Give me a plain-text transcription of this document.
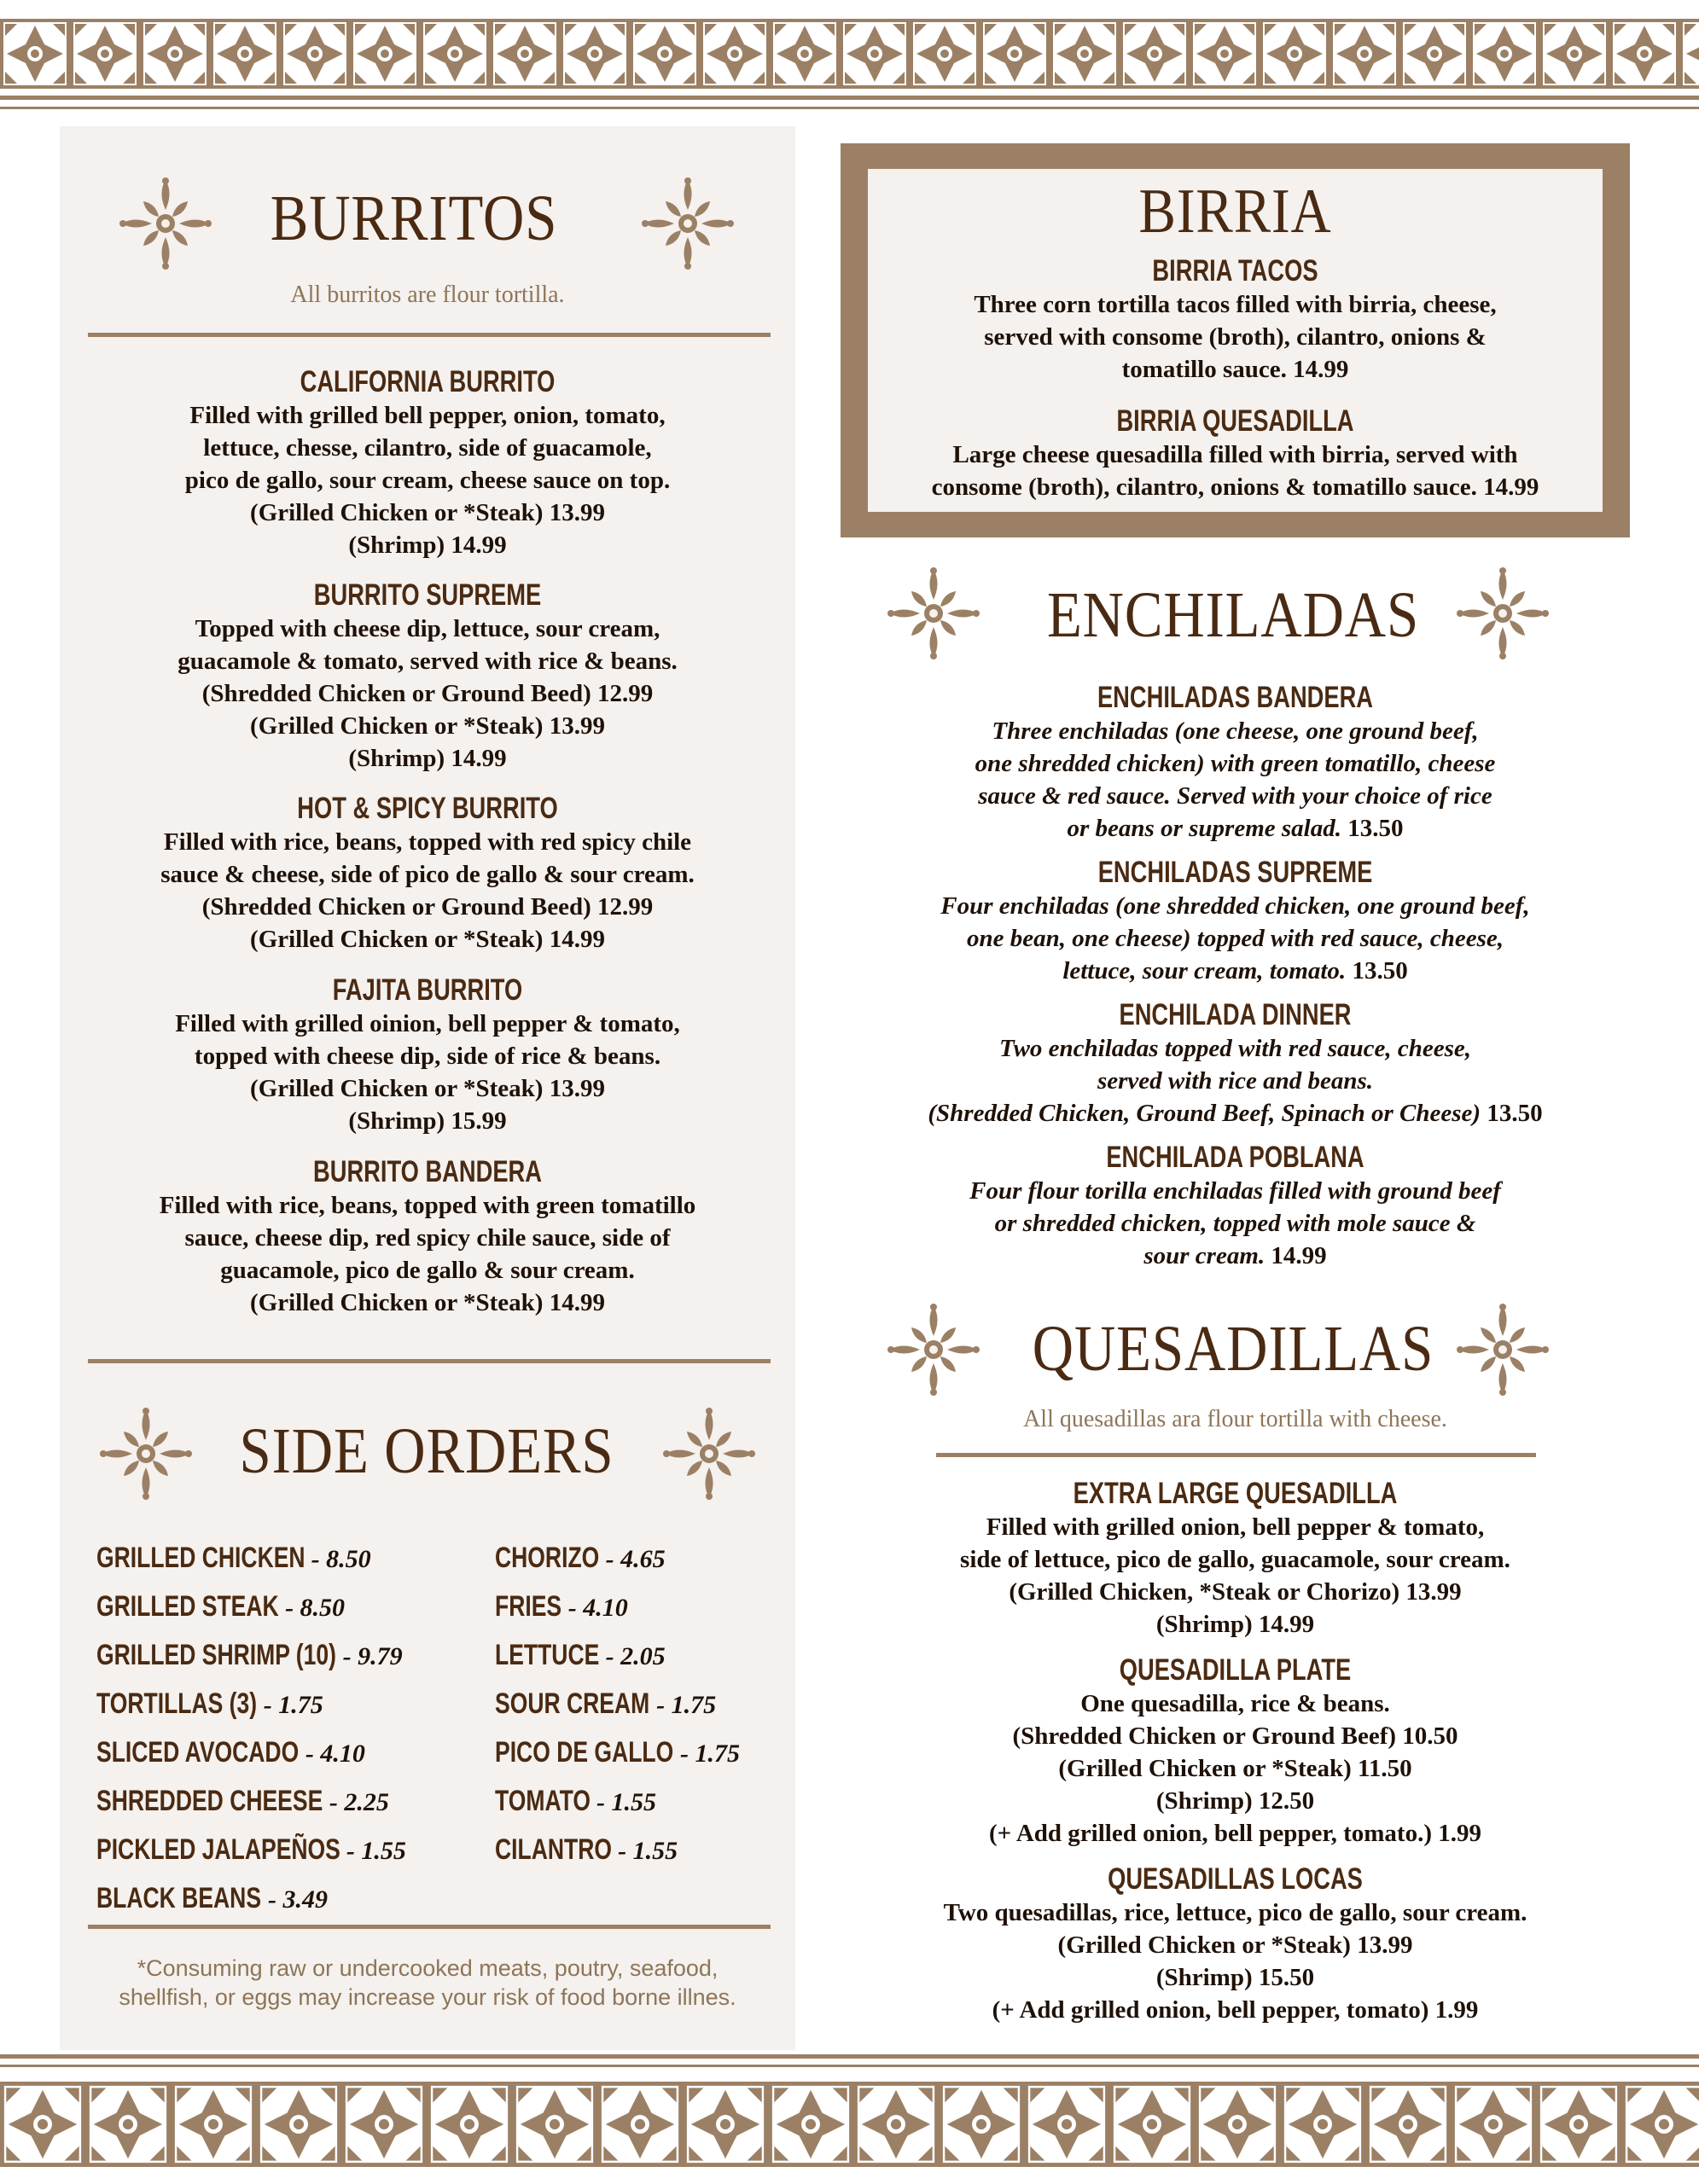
BURRITOS
All burritos are flour tortilla.
CALIFORNIA BURRITO
Filled with grilled bell pepper, onion, tomato,
lettuce, chesse, cilantro, side of guacamole,
pico de gallo, sour cream, cheese sauce on top.
(Grilled Chicken or *Steak) 13.99
(Shrimp) 14.99
BURRITO SUPREME
Topped with cheese dip, lettuce, sour cream,
guacamole & tomato, served with rice & beans.
(Shredded Chicken or Ground Beed) 12.99
(Grilled Chicken or *Steak) 13.99
(Shrimp) 14.99
HOT & SPICY BURRITO
Filled with rice, beans, topped with red spicy chile
sauce & cheese, side of pico de gallo & sour cream.
(Shredded Chicken or Ground Beed) 12.99
(Grilled Chicken or *Steak) 14.99
FAJITA BURRITO
Filled with grilled oinion, bell pepper & tomato,
topped with cheese dip, side of rice & beans.
(Grilled Chicken or *Steak) 13.99
(Shrimp) 15.99
BURRITO BANDERA
Filled with rice, beans, topped with green tomatillo
sauce, cheese dip, red spicy chile sauce, side of
guacamole, pico de gallo & sour cream.
(Grilled Chicken or *Steak) 14.99
SIDE ORDERS
GRILLED CHICKEN - 8.50
GRILLED STEAK - 8.50
GRILLED SHRIMP (10) - 9.79
TORTILLAS (3) - 1.75
SLICED AVOCADO - 4.10
SHREDDED CHEESE - 2.25
PICKLED JALAPEÑOS - 1.55
BLACK BEANS - 3.49
CHORIZO - 4.65
FRIES - 4.10
LETTUCE - 2.05
SOUR CREAM - 1.75
PICO DE GALLO - 1.75
TOMATO - 1.55
CILANTRO - 1.55
*Consuming raw or undercooked meats, poutry, seafood,
shellfish, or eggs may increase your risk of food borne illnes.
BIRRIA
BIRRIA TACOS
Three corn tortilla tacos filled with birria, cheese,
served with consome (broth), cilantro, onions &
tomatillo sauce. 14.99
BIRRIA QUESADILLA
Large cheese quesadilla filled with birria, served with
consome (broth), cilantro, onions & tomatillo sauce. 14.99
ENCHILADAS
ENCHILADAS BANDERA
Three enchiladas (one cheese, one ground beef,
one shredded chicken) with green tomatillo, cheese
sauce & red sauce. Served with your choice of rice
or beans or supreme salad. 13.50
ENCHILADAS SUPREME
Four enchiladas (one shredded chicken, one ground beef,
one bean, one cheese) topped with red sauce, cheese,
lettuce, sour cream, tomato. 13.50
ENCHILADA DINNER
Two enchiladas topped with red sauce, cheese,
served with rice and beans.
(Shredded Chicken, Ground Beef, Spinach or Cheese) 13.50
ENCHILADA POBLANA
Four flour torilla enchiladas filled with ground beef
or shredded chicken, topped with mole sauce &
sour cream. 14.99
QUESADILLAS
All quesadillas ara flour tortilla with cheese.
EXTRA LARGE QUESADILLA
Filled with grilled onion, bell pepper & tomato,
side of lettuce, pico de gallo, guacamole, sour cream.
(Grilled Chicken, *Steak or Chorizo) 13.99
(Shrimp) 14.99
QUESADILLA PLATE
One quesadilla, rice & beans.
(Shredded Chicken or Ground Beef) 10.50
(Grilled Chicken or *Steak) 11.50
(Shrimp) 12.50
(+ Add grilled onion, bell pepper, tomato.) 1.99
QUESADILLAS LOCAS
Two quesadillas, rice, lettuce, pico de gallo, sour cream.
(Grilled Chicken or *Steak) 13.99
(Shrimp) 15.50
(+ Add grilled onion, bell pepper, tomato) 1.99
